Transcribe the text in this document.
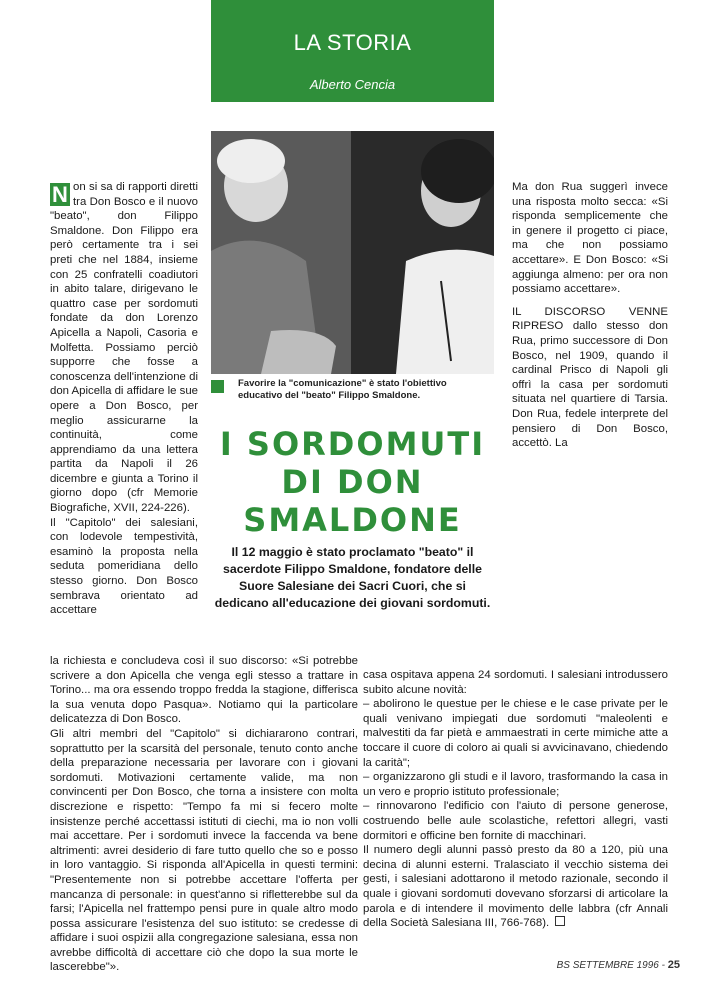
LA STORIA
Alberto Cencia
Favorire la "comunicazione" è stato l'obiettivo educativo del "beato" Filippo Smaldone.
I SORDOMUTI
DI DON
SMALDONE
Il 12 maggio è stato proclamato "beato" il sacerdote Filippo Smaldone, fondatore delle Suore Salesiane dei Sacri Cuori, che si dedicano all'educazione dei giovani sordomuti.

N on si sa di rapporti diretti tra Don Bosco e il nuovo "beato", don Filippo Smaldone. Don Filippo era però certamente tra i sei preti che nel 1884, insieme con 25 confratelli coadiutori in abito talare, dirigevano le quattro case per sordomuti fondate da don Lorenzo Apicella a Napoli, Casoria e Molfetta. Possiamo perciò supporre che fosse a conoscenza dell'intenzione di don Apicella di affidare le sue opere a Don Bosco, per meglio assicurarne la continuità, come apprendiamo da una lettera partita da Napoli il 26 dicembre e giunta a Torino il giorno dopo (cfr Memorie Biografiche, XVII, 224-226).

Il "Capitolo" dei salesiani, con lodevole tempestività, esaminò la proposta nella seduta pomeridiana dello stesso giorno. Don Bosco sembrava orientato ad accettare

la richiesta e concludeva così il suo discorso: «Si potrebbe scrivere a don Apicella che venga egli stesso a trattare in Torino... ma ora essendo troppo fredda la stagione, differisca la sua venuta dopo Pasqua». Notiamo qui la particolare delicatezza di Don Bosco.

Gli altri membri del "Capitolo" si dichiararono contrari, soprattutto per la scarsità del personale, tenuto conto anche della preparazione necessaria per lavorare con i giovani sordomuti. Motivazioni certamente valide, ma non convincenti per Don Bosco, che torna a insistere con molta discrezione e rispetto: "Tempo fa mi si fecero molte insistenze perché accettassi istituti di ciechi, ma io non volli mai accettare. Per i sordomuti invece la faccenda va bene altrimenti: avrei desiderio di fare tutto quello che so e posso in loro vantaggio. Si risponda all'Apicella in questi termini: "Presentemente non si potrebbe accettare l'offerta per mancanza di personale: in quest'anno si rifletterebbe sul da farsi; l'Apicella nel frattempo pensi pure in quale altro modo possa assicurare l'esistenza del suo istituto: se credesse di affidare i suoi ospizii alla congregazione salesiana, essa non avrebbe difficoltà di accettare ciò che dopo la sua morte le lascerebbe"».

Ma don Rua suggerì invece una risposta molto secca: «Si risponda semplicemente che in genere il progetto ci piace, ma che non possiamo accettare». E Don Bosco: «Si aggiunga almeno: per ora non possiamo accettare».

IL DISCORSO VENNE RIPRESO dallo stesso don Rua, primo successore di Don Bosco, nel 1909, quando il cardinal Prisco di Napoli gli offrì la casa per sordomuti situata nel quartiere di Tarsia. Don Rua, fedele interprete del pensiero di Don Bosco, accettò. La

casa ospitava appena 24 sordomuti. I salesiani introdussero subito alcune novità:

– abolirono le questue per le chiese e le case private per le quali venivano impiegati due sordomuti "maleolenti e malvestiti da far pietà e ammaestrati in certe mimiche atte a toccare il cuore di coloro ai quali si avvicinavano, chiedendo la carità";

– organizzarono gli studi e il lavoro, trasformando la casa in un vero e proprio istituto professionale;

– rinnovarono l'edificio con l'aiuto di persone generose, costruendo belle aule scolastiche, refettori allegri, vasti dormitori e officine ben fornite di macchinari.

Il numero degli alunni passò presto da 80 a 120, più una decina di alunni esterni. Tralasciato il vecchio sistema dei gesti, i salesiani adottarono il metodo razionale, secondo il quale i giovani sordomuti dovevano sforzarsi di articolare la parola e di intendere il movimento delle labbra (cfr Annali della Società Salesiana III, 766-768).

BS SETTEMBRE 1996 - 25
